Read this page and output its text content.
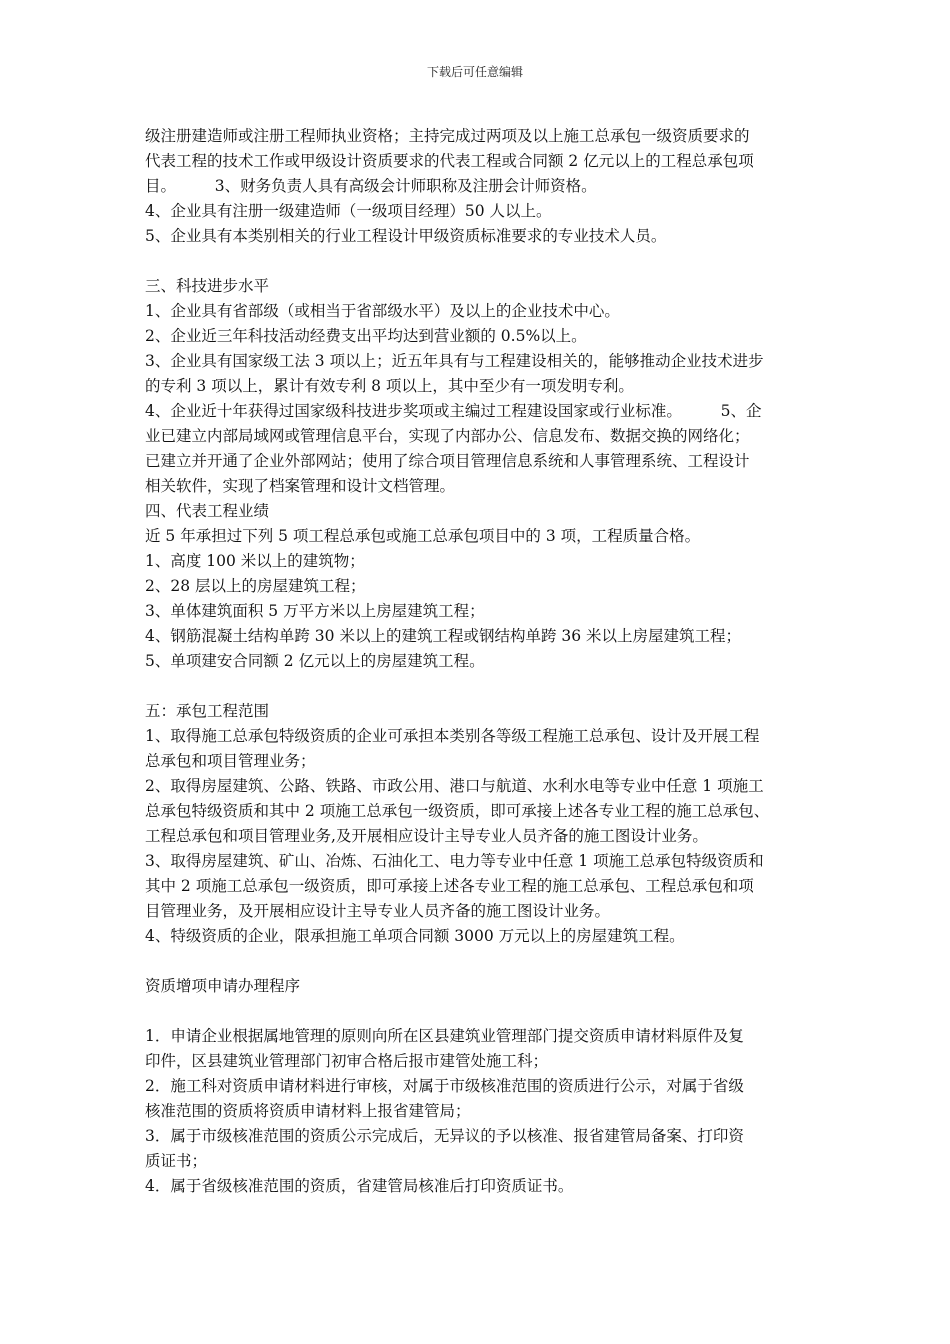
下载后可任意编辑
级注册建造师或注册工程师执业资格；主持完成过两项及以上施工总承包一级资质要求的
代表工程的技术工作或甲级设计资质要求的代表工程或合同额 2 亿元以上的工程总承包项
目。　　　3、财务负责人具有高级会计师职称及注册会计师资格。
4、企业具有注册一级建造师（一级项目经理）50 人以上。
5、企业具有本类别相关的行业工程设计甲级资质标准要求的专业技术人员。
三、科技进步水平
1、企业具有省部级（或相当于省部级水平）及以上的企业技术中心。
2、企业近三年科技活动经费支出平均达到营业额的 0.5%以上。
3、企业具有国家级工法 3 项以上；近五年具有与工程建设相关的，能够推动企业技术进步
的专利 3 项以上，累计有效专利 8 项以上，其中至少有一项发明专利。
4、企业近十年获得过国家级科技进步奖项或主编过工程建设国家或行业标准。　　　5、企
业已建立内部局域网或管理信息平台，实现了内部办公、信息发布、数据交换的网络化；
已建立并开通了企业外部网站；使用了综合项目管理信息系统和人事管理系统、工程设计
相关软件，实现了档案管理和设计文档管理。
四、代表工程业绩
近 5 年承担过下列 5 项工程总承包或施工总承包项目中的 3 项，工程质量合格。
1、高度 100 米以上的建筑物；
2、28 层以上的房屋建筑工程；
3、单体建筑面积 5 万平方米以上房屋建筑工程；
4、钢筋混凝土结构单跨 30 米以上的建筑工程或钢结构单跨 36 米以上房屋建筑工程；
5、单项建安合同额 2 亿元以上的房屋建筑工程。
五：承包工程范围
1、取得施工总承包特级资质的企业可承担本类别各等级工程施工总承包、设计及开展工程
总承包和项目管理业务；
2、取得房屋建筑、公路、铁路、市政公用、港口与航道、水利水电等专业中任意 1 项施工
总承包特级资质和其中 2 项施工总承包一级资质，即可承接上述各专业工程的施工总承包、
工程总承包和项目管理业务,及开展相应设计主导专业人员齐备的施工图设计业务。
3、取得房屋建筑、矿山、冶炼、石油化工、电力等专业中任意 1 项施工总承包特级资质和
其中 2 项施工总承包一级资质，即可承接上述各专业工程的施工总承包、工程总承包和项
目管理业务，及开展相应设计主导专业人员齐备的施工图设计业务。
4、特级资质的企业，限承担施工单项合同额 3000 万元以上的房屋建筑工程。
资质增项申请办理程序
1．申请企业根据属地管理的原则向所在区县建筑业管理部门提交资质申请材料原件及复
印件，区县建筑业管理部门初审合格后报市建管处施工科；
2．施工科对资质申请材料进行审核，对属于市级核准范围的资质进行公示，对属于省级
核准范围的资质将资质申请材料上报省建管局；
3．属于市级核准范围的资质公示完成后，无异议的予以核准、报省建管局备案、打印资
质证书；
4．属于省级核准范围的资质，省建管局核准后打印资质证书。
